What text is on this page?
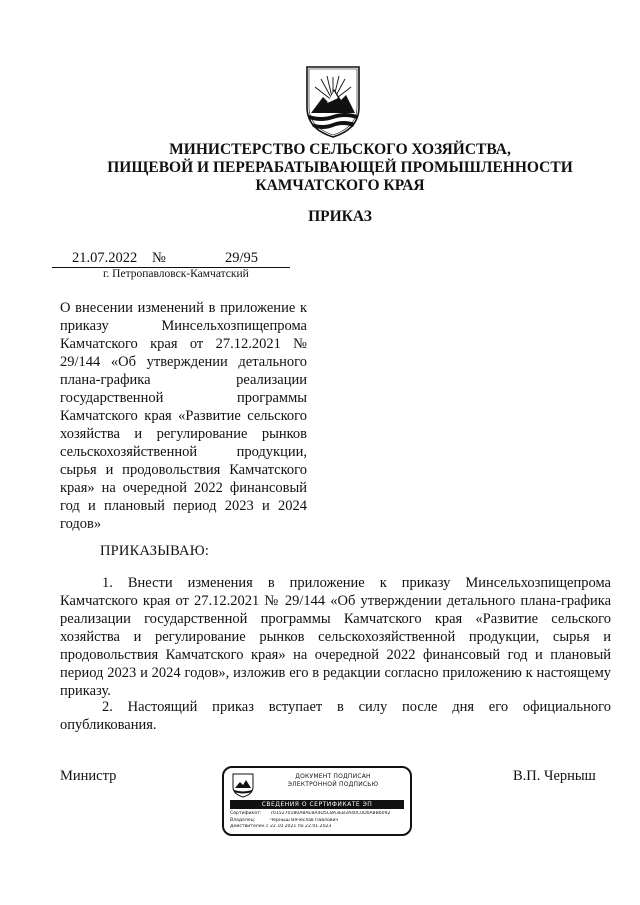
МИНИСТЕРСТВО СЕЛЬСКОГО ХОЗЯЙСТВА,
ПИЩЕВОЙ И ПЕРЕРАБАТЫВАЮЩЕЙ ПРОМЫШЛЕННОСТИ
КАМЧАТСКОГО КРАЯ
ПРИКАЗ
21.07.2022 №	29/95
г. Петропавловск-Камчатский
О внесении изменений в приложение к приказу Минсельхозпищепрома Камчатского края от 27.12.2021 № 29/144 «Об утверждении детального плана-графика реализации государственной программы Камчатского края «Развитие сельского хозяйства и регулирование рынков сельскохозяйственной продукции, сырья и продовольствия Камчатского края» на очередной 2022 финансовый год и плановый период 2023 и 2024 годов»
ПРИКАЗЫВАЮ:
1. Внести изменения в приложение к приказу Минсельхозпищепрома Камчатского края от 27.12.2021 № 29/144 «Об утверждении детального плана-графика реализации государственной программы Камчатского края «Развитие сельского хозяйства и регулирование рынков сельскохозяйственной продукции, сырья и продовольствия Камчатского края» на очередной 2022 финансовый год и плановый период 2023 и 2024 годов», изложив его в редакции согласно приложению к настоящему приказу.
2. Настоящий приказ вступает в силу после дня его официального опубликования.
Министр	В.П. Черныш
ДОКУМЕНТ ПОДПИСАН
ЭЛЕКТРОННОЙ ПОДПИСЬЮ
СВЕДЕНИЯ О СЕРТИФИКАТЕ ЭП
Сертификат:	7015270180A8AE8A4D5C8A3EB3A40C0D0A8B6092
Владелец:	Черныш Вячеслав Павлович
Действителен с 22.10.2021 по 22.01.2023
